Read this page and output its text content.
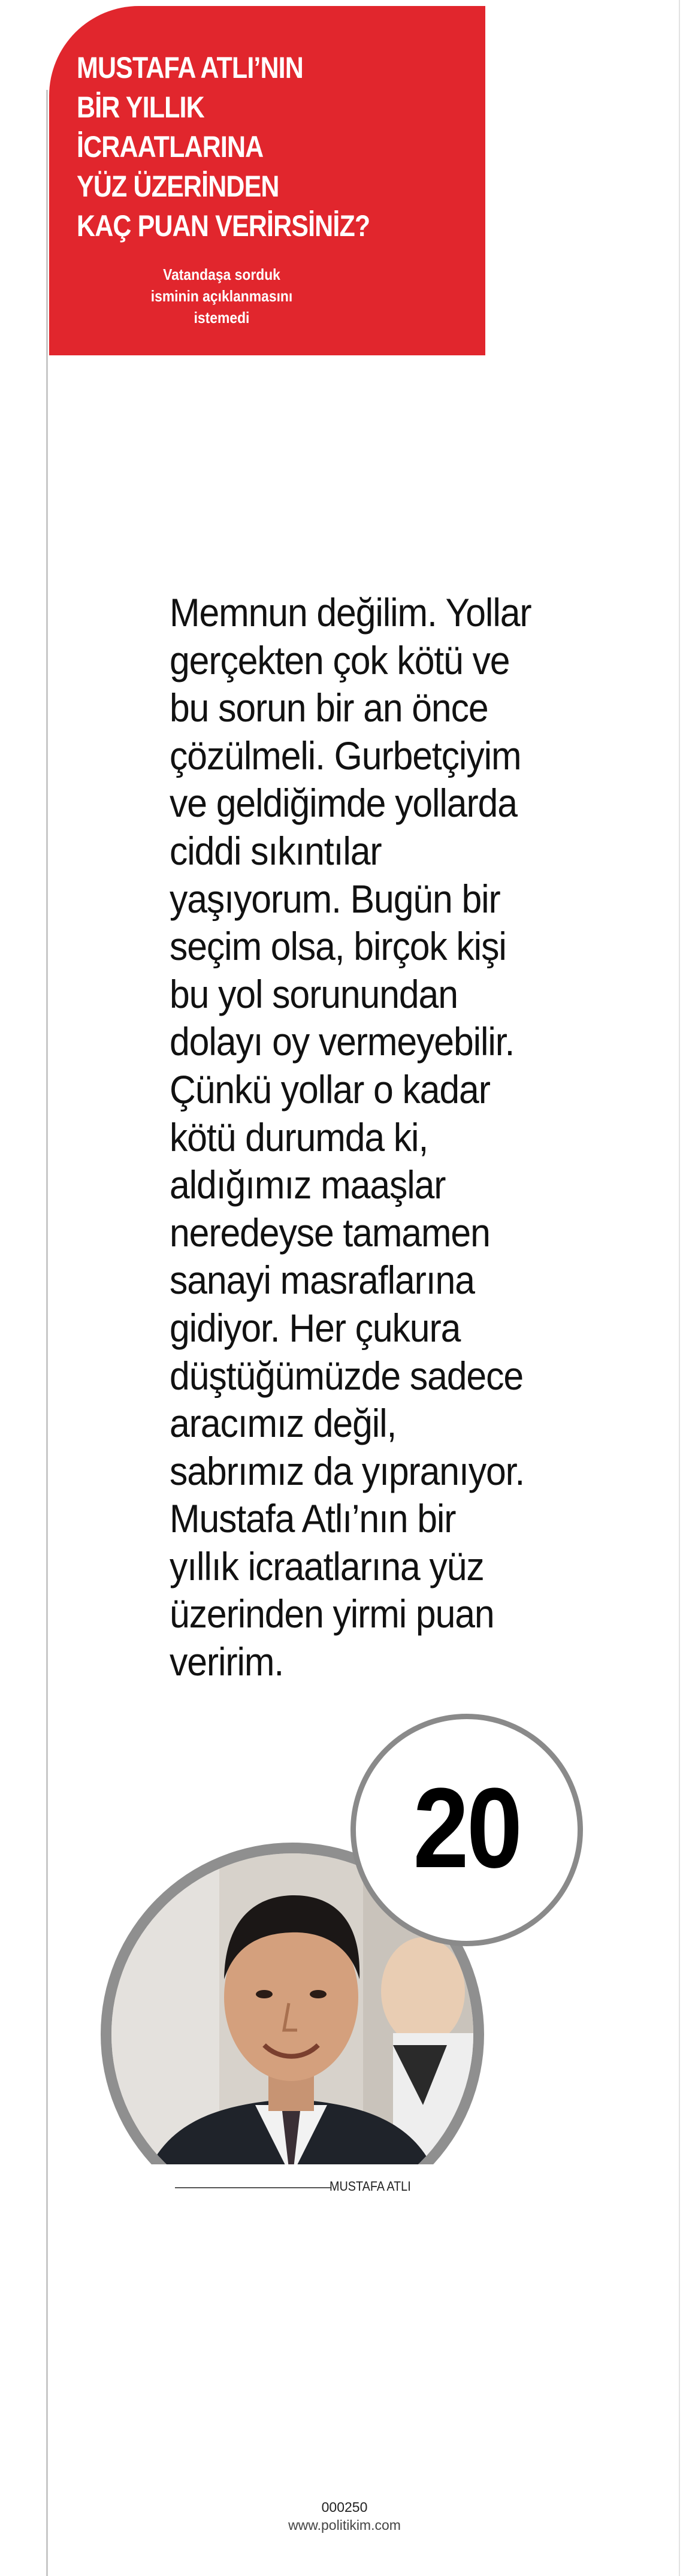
MUSTAFA ATLI’NIN
BİR YILLIK İCRAATLARINA
YÜZ ÜZERİNDEN
KAÇ PUAN VERİRSİNİZ?

Vatandaşa sorduk
isminin açıklanmasını istemedi

Memnun değilim. Yollar gerçekten çok kötü ve bu sorun bir an önce çözülmeli. Gurbetçiyim ve geldiğimde yollarda ciddi sıkıntılar yaşıyorum. Bugün bir seçim olsa, birçok kişi bu yol sorunundan dolayı oy vermeyebilir. Çünkü yollar o kadar kötü durumda ki, aldığımız maaşlar neredeyse tamamen sanayi masraflarına gidiyor. Her çukura düştüğümüzde sadece aracımız değil, sabrımız da yıpranıyor. Mustafa Atlı’nın bir yıllık icraatlarına yüz üzerinden yirmi puan veririm.

MUSTAFA ATLI

20

000250

www.politikim.com
